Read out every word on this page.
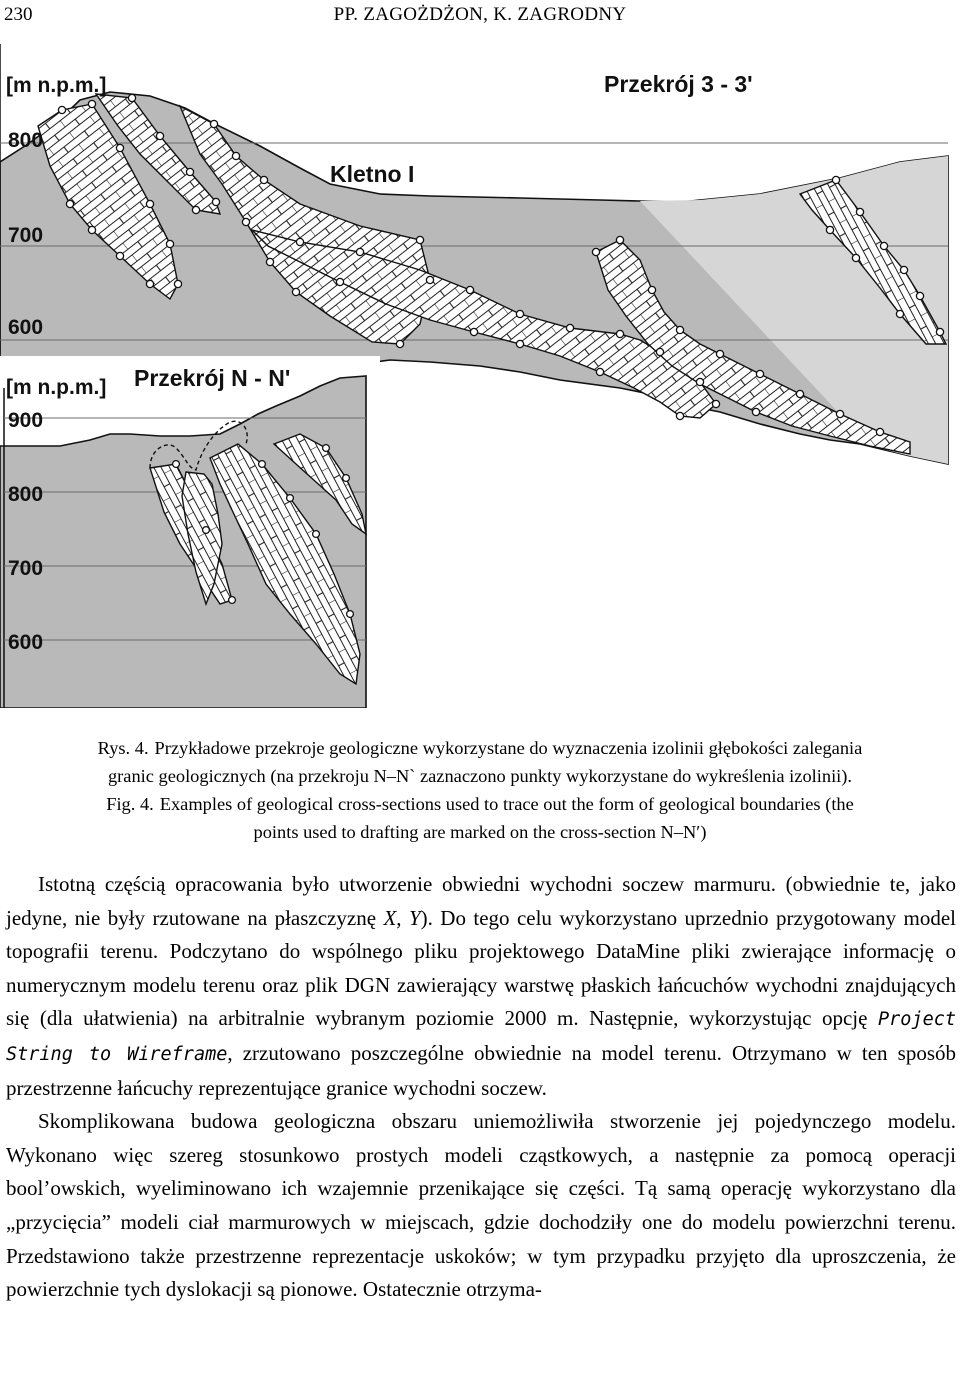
230	PP. ZAGOŻDŻON, K. ZAGRODNY
[m n.p.m.]	Przekrój 3 - 3'
Kletno I
800
700
600
[m n.p.m.] Przekrój N - N'
900
800
700
600

Rys. 4. Przykładowe przekroje geologiczne wykorzystane do wyznaczenia izolinii głębokości zalegania

granic geologicznych (na przekroju N–N` zaznaczono punkty wykorzystane do wykreślenia izolinii).

Fig. 4. Examples of geological cross-sections used to trace out the form of geological boundaries (the

points used to drafting are marked on the cross-section N–N′)

Istotną częścią opracowania było utworzenie obwiedni wychodni soczew marmuru. (obwiednie te, jako jedyne, nie były rzutowane na płaszczyznę X, Y). Do tego celu wykorzystano uprzednio przygotowany model topografii terenu. Podczytano do wspólnego pliku projektowego DataMine pliki zwierające informację o numerycznym modelu terenu oraz plik DGN zawierający warstwę płaskich łańcuchów wychodni znajdujących się (dla ułatwienia) na arbitralnie wybranym poziomie 2000 m. Następnie, wykorzystując opcję Project String to Wireframe, zrzutowano poszczególne obwiednie na model terenu. Otrzymano w ten sposób przestrzenne łańcuchy reprezentujące granice wychodni soczew.

Skomplikowana budowa geologiczna obszaru uniemożliwiła stworzenie jej pojedynczego modelu. Wykonano więc szereg stosunkowo prostych modeli cząstkowych, a następnie za pomocą operacji bool’owskich, wyeliminowano ich wzajemnie przenikające się części. Tą samą operację wykorzystano dla „przycięcia” modeli ciał marmurowych w miejscach, gdzie dochodziły one do modelu powierzchni terenu. Przedstawiono także przestrzenne reprezentacje uskoków; w tym przypadku przyjęto dla uproszczenia, że powierzchnie tych dyslokacji są pionowe. Ostatecznie otrzyma-
